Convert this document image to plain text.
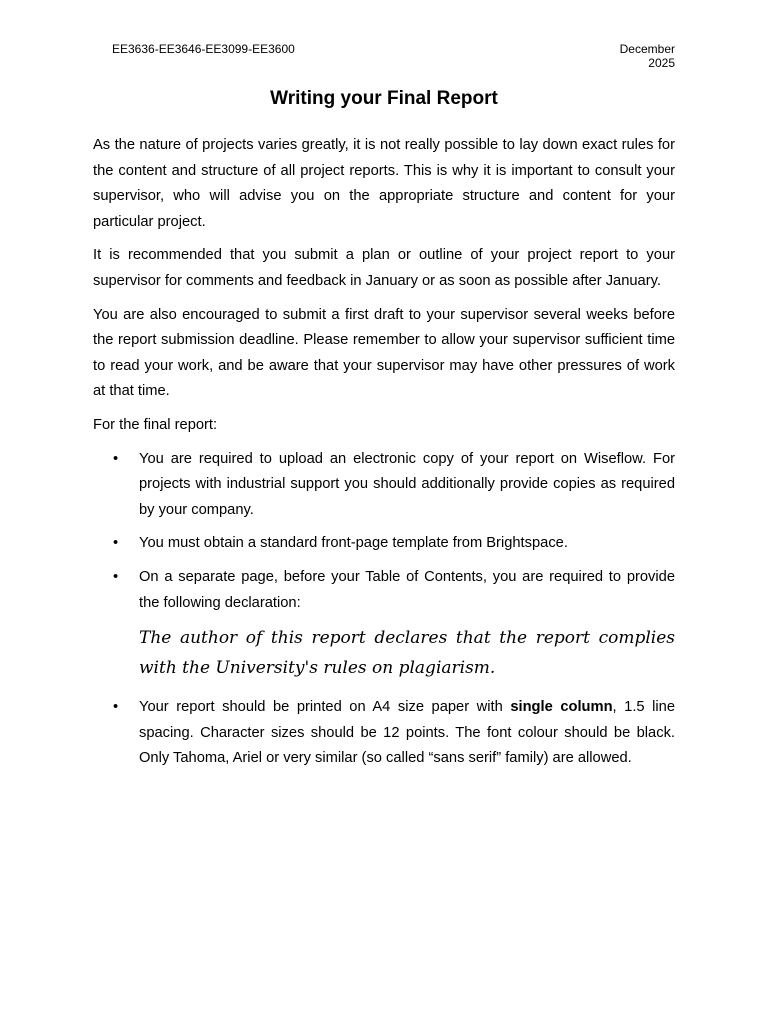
EE3636-EE3646-EE3099-EE3600	December
2025
Writing your Final Report

As the nature of projects varies greatly, it is not really possible to lay down exact rules for the content and structure of all project reports. This is why it is important to consult your supervisor, who will advise you on the appropriate structure and content for your particular project.

It is recommended that you submit a plan or outline of your project report to your supervisor for comments and feedback in January or as soon as possible after January.

You are also encouraged to submit a first draft to your supervisor several weeks before the report submission deadline. Please remember to allow your supervisor sufficient time to read your work, and be aware that your supervisor may have other pressures of work at that time.

For the final report:

• You are required to upload an electronic copy of your report on Wiseflow. For projects with industrial support you should additionally provide copies as required by your company.
• You must obtain a standard front-page template from Brightspace.
• On a separate page, before your Table of Contents, you are required to provide the following declaration:
The author of this report declares that the report complies with the University's rules on plagiarism.
• Your report should be printed on A4 size paper with single column, 1.5 line spacing. Character sizes should be 12 points. The font colour should be black. Only Tahoma, Ariel or very similar (so called “sans serif” family) are allowed.
